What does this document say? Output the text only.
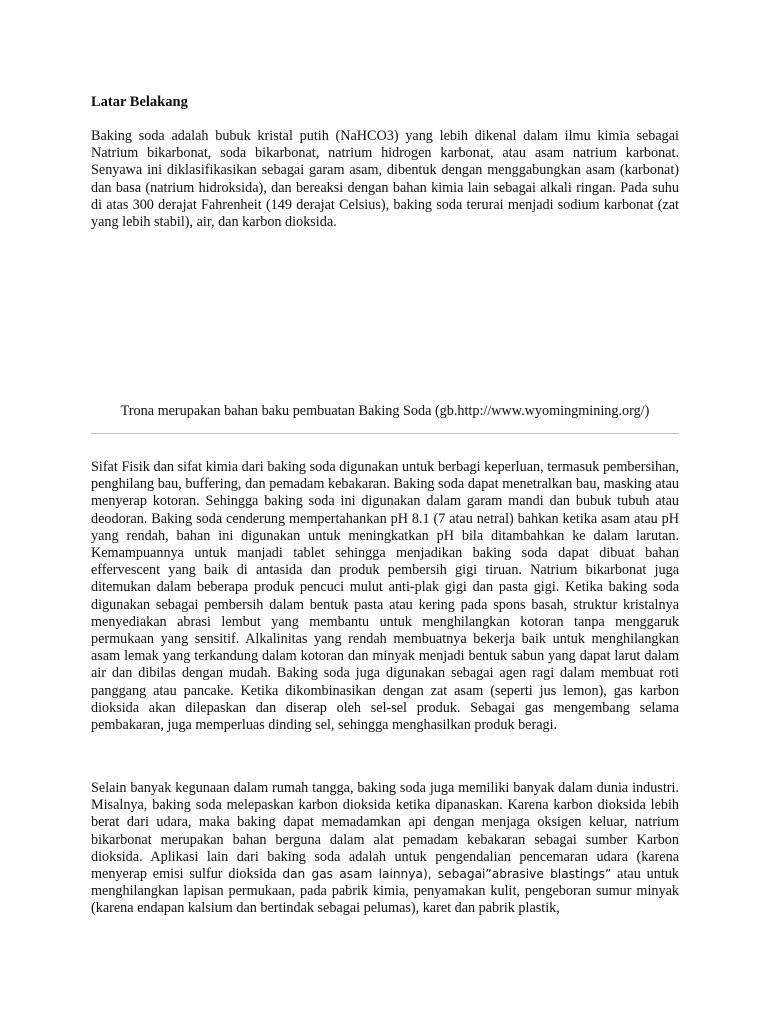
Latar Belakang

Baking soda adalah bubuk kristal putih (NaHCO3) yang lebih dikenal dalam ilmu kimia sebagai Natrium bikarbonat, soda bikarbonat, natrium hidrogen karbonat, atau asam natrium karbonat. Senyawa ini diklasifikasikan sebagai garam asam, dibentuk dengan menggabungkan asam (karbonat) dan basa (natrium hidroksida), dan bereaksi dengan bahan kimia lain sebagai alkali ringan. Pada suhu di atas 300 derajat Fahrenheit (149 derajat Celsius), baking soda terurai menjadi sodium karbonat (zat yang lebih stabil), air, dan karbon dioksida.

Trona merupakan bahan baku pembuatan Baking Soda (gb.http://www.wyomingmining.org/)

Sifat Fisik dan sifat kimia dari baking soda digunakan untuk berbagi keperluan, termasuk pembersihan, penghilang bau, buffering, dan pemadam kebakaran. Baking soda dapat menetralkan bau, masking atau menyerap kotoran. Sehingga baking soda ini digunakan dalam garam mandi dan bubuk tubuh atau deodoran. Baking soda cenderung mempertahankan pH 8.1 (7 atau netral) bahkan ketika asam atau pH yang rendah, bahan ini digunakan untuk meningkatkan pH bila ditambahkan ke dalam larutan. Kemampuannya untuk manjadi tablet sehingga menjadikan baking soda dapat dibuat bahan effervescent yang baik di antasida dan produk pembersih gigi tiruan. Natrium bikarbonat juga ditemukan dalam beberapa produk pencuci mulut anti-plak gigi dan pasta gigi. Ketika baking soda digunakan sebagai pembersih dalam bentuk pasta atau kering pada spons basah, struktur kristalnya menyediakan abrasi lembut yang membantu untuk menghilangkan kotoran tanpa menggaruk permukaan yang sensitif. Alkalinitas yang rendah membuatnya bekerja baik untuk menghilangkan asam lemak yang terkandung dalam kotoran dan minyak menjadi bentuk sabun yang dapat larut dalam air dan dibilas dengan mudah. Baking soda juga digunakan sebagai agen ragi dalam membuat roti panggang atau pancake. Ketika dikombinasikan dengan zat asam (seperti jus lemon), gas karbon dioksida akan dilepaskan dan diserap oleh sel-sel produk. Sebagai gas mengembang selama pembakaran, juga memperluas dinding sel, sehingga menghasilkan produk beragi.

Selain banyak kegunaan dalam rumah tangga, baking soda juga memiliki banyak dalam dunia industri. Misalnya, baking soda melepaskan karbon dioksida ketika dipanaskan. Karena karbon dioksida lebih berat dari udara, maka baking dapat memadamkan api dengan menjaga oksigen keluar, natrium bikarbonat merupakan bahan berguna dalam alat pemadam kebakaran sebagai sumber Karbon dioksida. Aplikasi lain dari baking soda adalah untuk pengendalian pencemaran udara (karena menyerap emisi sulfur dioksida dan gas asam lainnya), sebagai”abrasive blastings” atau untuk menghilangkan lapisan permukaan, pada pabrik kimia, penyamakan kulit, pengeboran sumur minyak (karena endapan kalsium dan bertindak sebagai pelumas), karet dan pabrik plastik,
